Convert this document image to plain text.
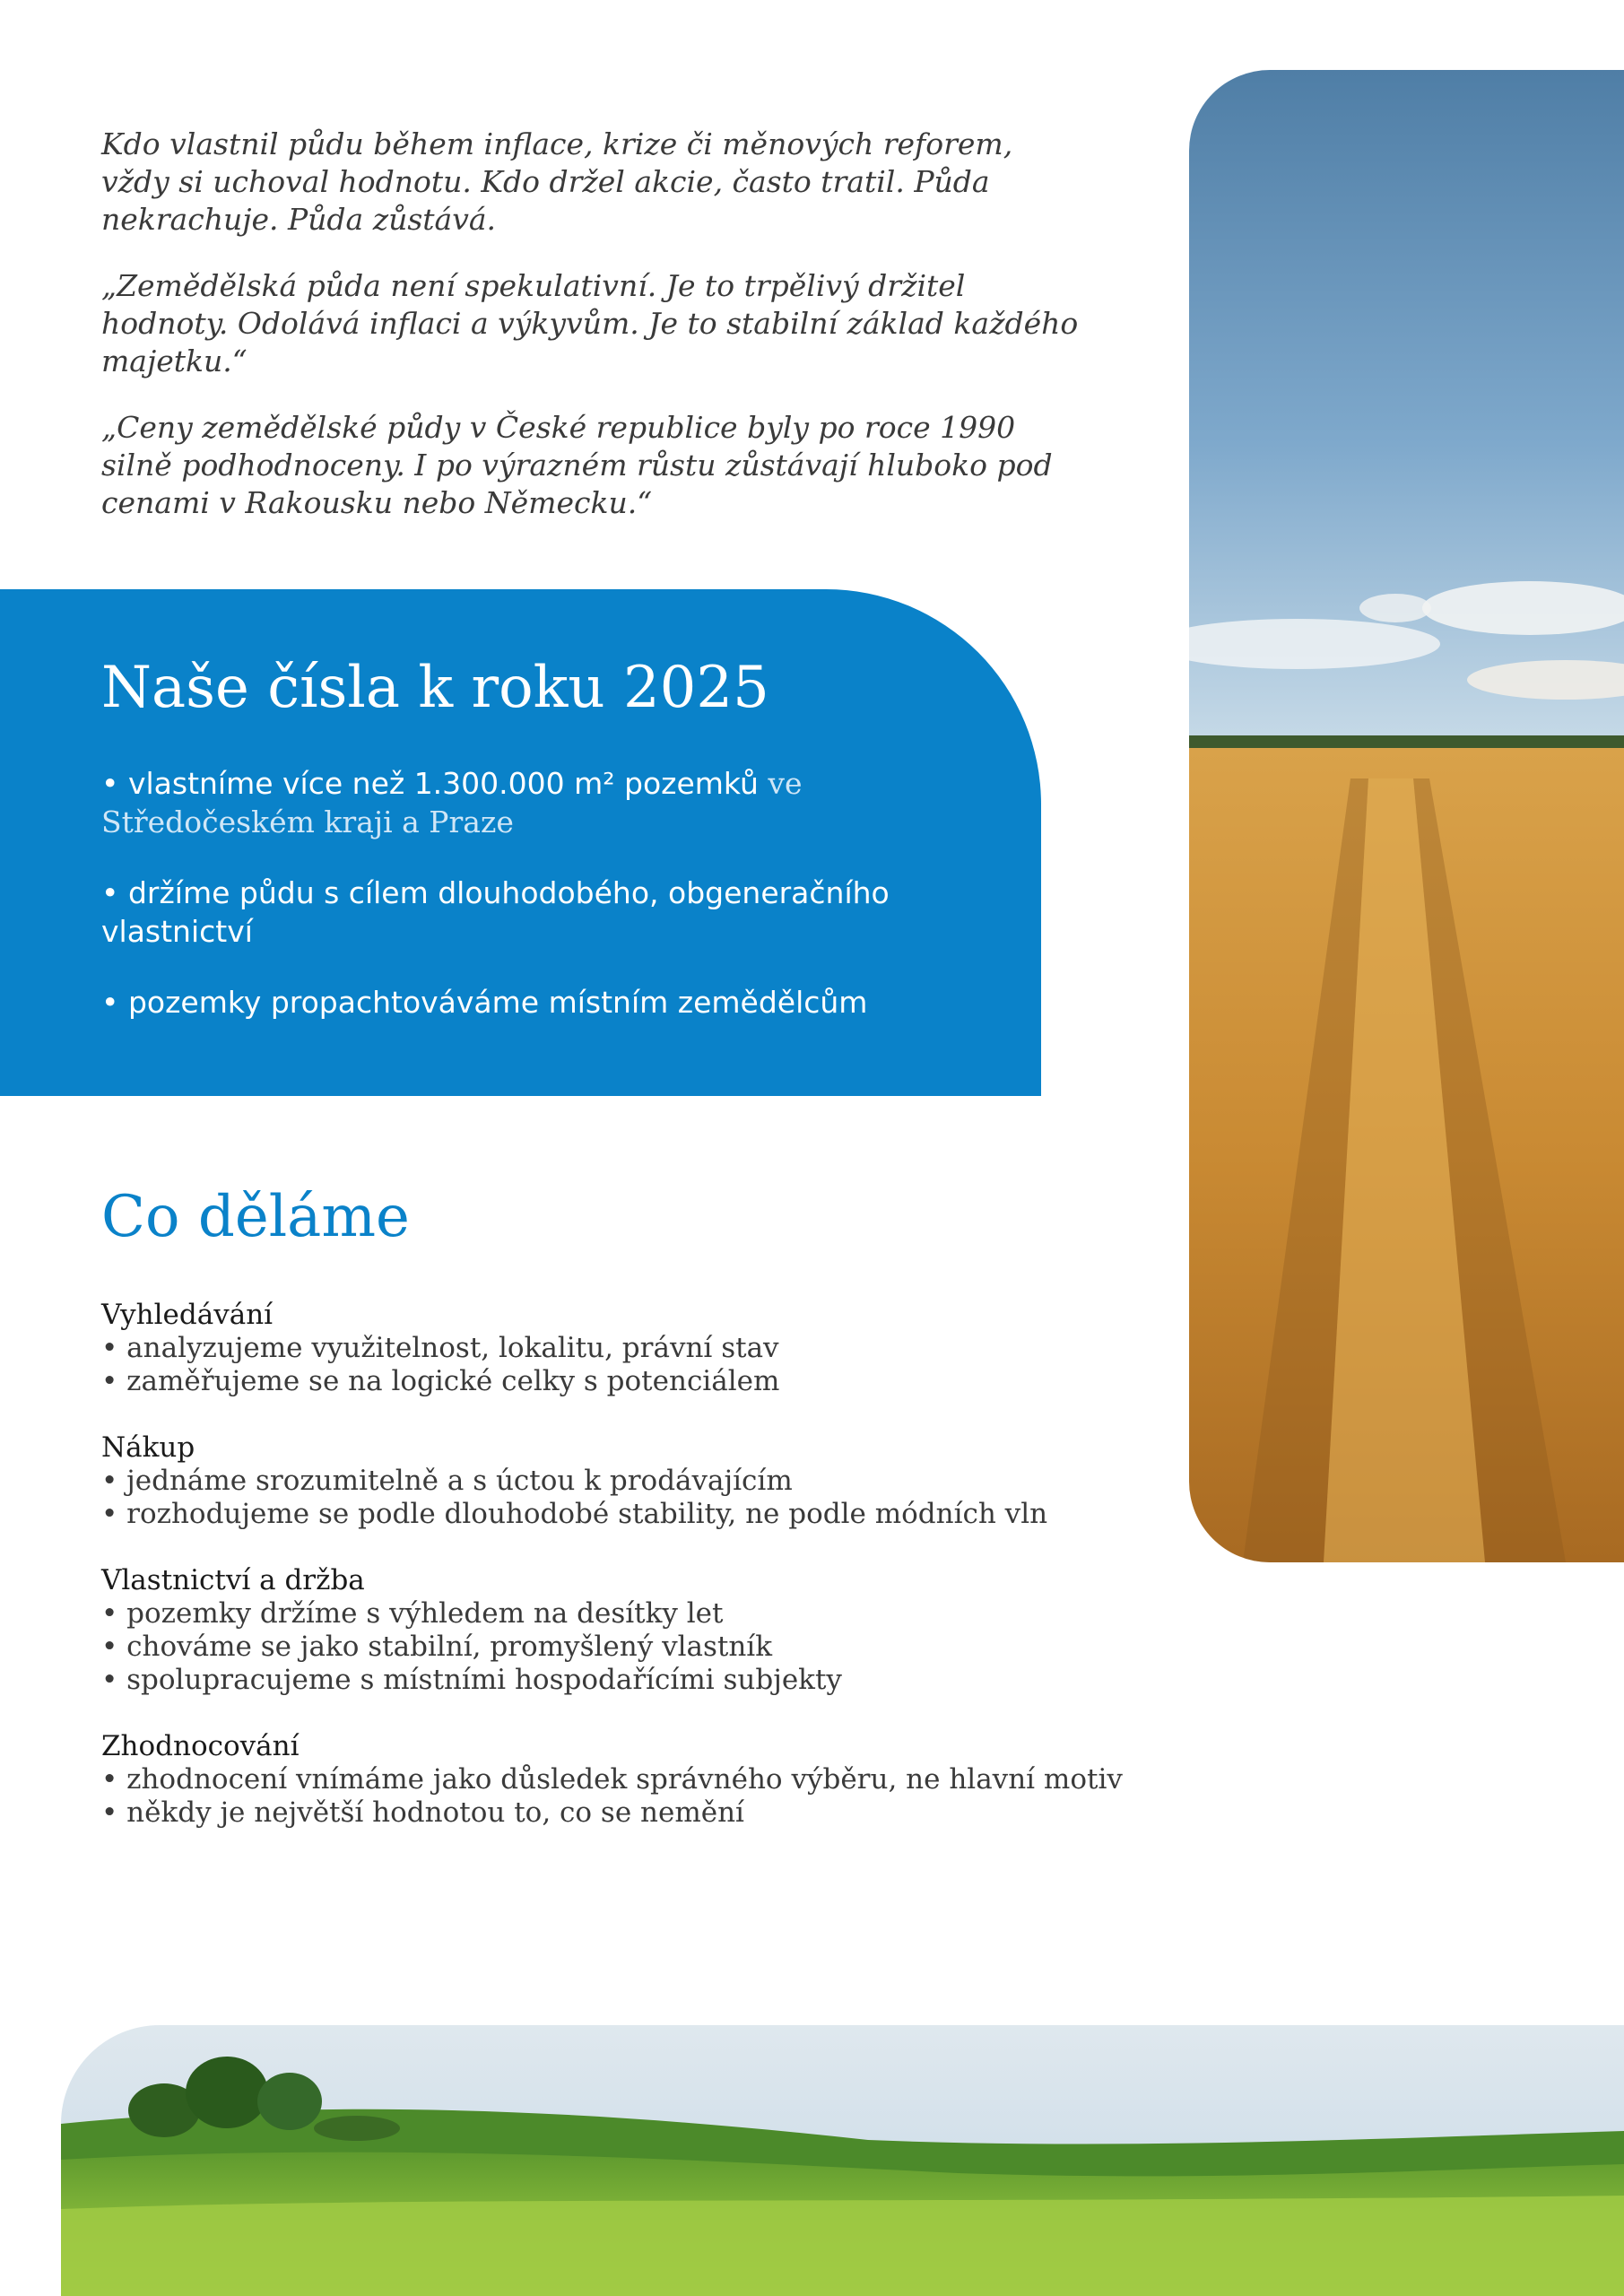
Kdo vlastnil půdu během inflace, krize či měnových reforem, vždy si uchoval hodnotu. Kdo držel akcie, často tratil. Půda nekrachuje. Půda zůstává.

„Zemědělská půda není spekulativní. Je to trpělivý držitel hodnoty. Odolává inflaci a výkyvům. Je to stabilní základ každého majetku.“

„Ceny zemědělské půdy v České republice byly po roce 1990 silně podhodnoceny. I po výrazném růstu zůstávají hluboko pod cenami v Rakousku nebo Německu.“

Naše čísla k roku 2025

• vlastníme více než 1.300.000 m² pozemků ve Středočeském kraji a Praze

• držíme půdu s cílem dlouhodobého, obgeneračního vlastnictví

• pozemky propachtováváme místním zemědělcům

Co děláme
Vyhledávání
• analyzujeme využitelnost, lokalitu, právní stav
• zaměřujeme se na logické celky s potenciálem
Nákup
• jednáme srozumitelně a s úctou k prodávajícím
• rozhodujeme se podle dlouhodobé stability, ne podle módních vln
Vlastnictví a držba
• pozemky držíme s výhledem na desítky let
• chováme se jako stabilní, promyšlený vlastník
• spolupracujeme s místními hospodařícími subjekty
Zhodnocování
• zhodnocení vnímáme jako důsledek správného výběru, ne hlavní motiv
• někdy je největší hodnotou to, co se nemění
